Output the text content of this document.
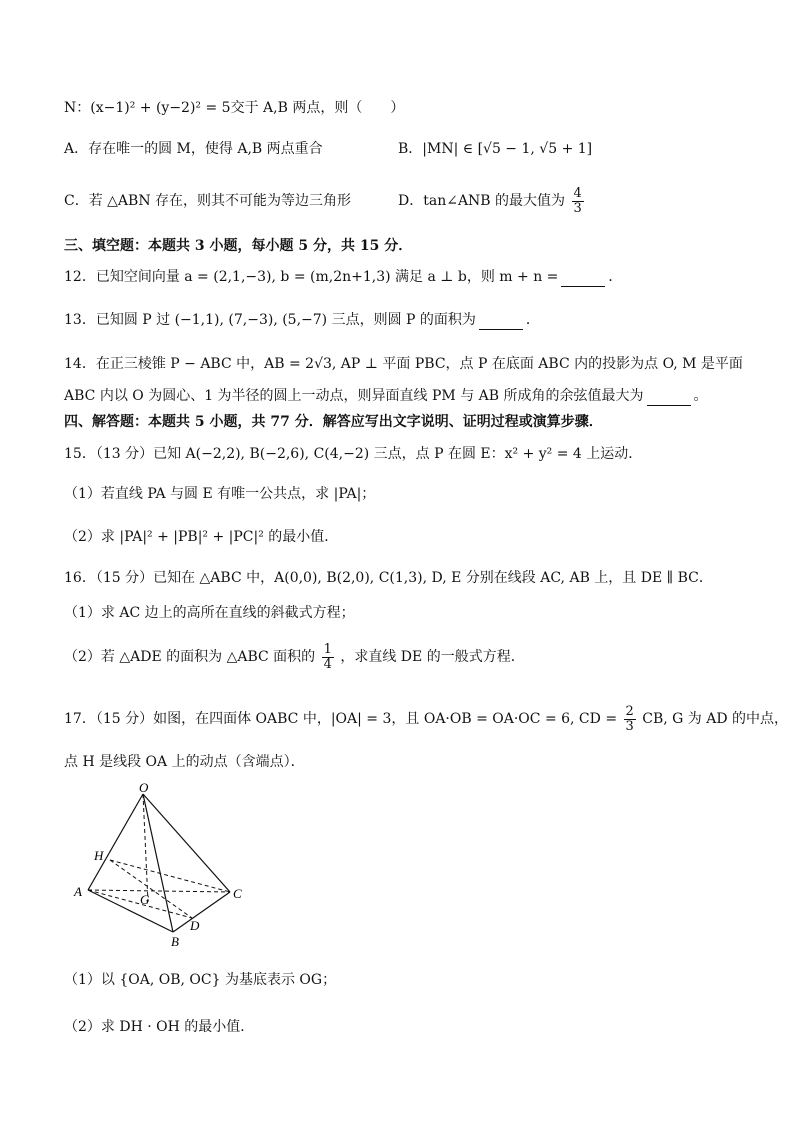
N：(x−1)² + (y−2)² = 5交于 A,B 两点，则（　　）
A．存在唯一的圆 M，使得 A,B 两点重合	B．|MN| ∈ [√5 − 1, √5 + 1]
C．若 △ABN 存在，则其不可能为等边三角形	D．tan∠ANB 的最大值为 $\frac{4}{3}$
三、填空题：本题共 3 小题，每小题 5 分，共 15 分．
12．已知空间向量 a = (2,1,−3), b = (m,2n+1,3) 满足 a ⊥ b，则 m + n =	．
13．已知圆 P 过 (−1,1), (7,−3), (5,−7) 三点，则圆 P 的面积为	．
14．在正三棱锥 P − ABC 中，AB = 2√3, AP ⊥ 平面 PBC，点 P 在底面 ABC 内的投影为点 O, M 是平面
ABC 内以 O 为圆心、1 为半径的圆上一动点，则异面直线 PM 与 AB 所成角的余弦值最大为	。
四、解答题：本题共 5 小题，共 77 分．解答应写出文字说明、证明过程或演算步骤．
15．（13 分）已知 A(−2,2), B(−2,6), C(4,−2) 三点，点 P 在圆 E：x² + y² = 4 上运动．
（1）若直线 PA 与圆 E 有唯一公共点，求 |PA|；
（2）求 |PA|² + |PB|² + |PC|² 的最小值．
16．（15 分）已知在 △ABC 中，A(0,0), B(2,0), C(1,3), D, E 分别在线段 AC, AB 上，且 DE ∥ BC．
（1）求 AC 边上的高所在直线的斜截式方程；
（2）若 △ADE 的面积为 △ABC 面积的 $\frac{1}{4}$ ，求直线 DE 的一般式方程．
17．（15 分）如图，在四面体 OABC 中，|OA| = 3，且 OA·OB = OA·OC = 6, CD = $\frac{2}{3}$ CB, G 为 AD 的中点，
点 H 是线段 OA 上的动点（含端点）．
O
H
A
G
D
B
C
（1）以 {OA, OB, OC} 为基底表示 OG；
（2）求 DH · OH 的最小值．
